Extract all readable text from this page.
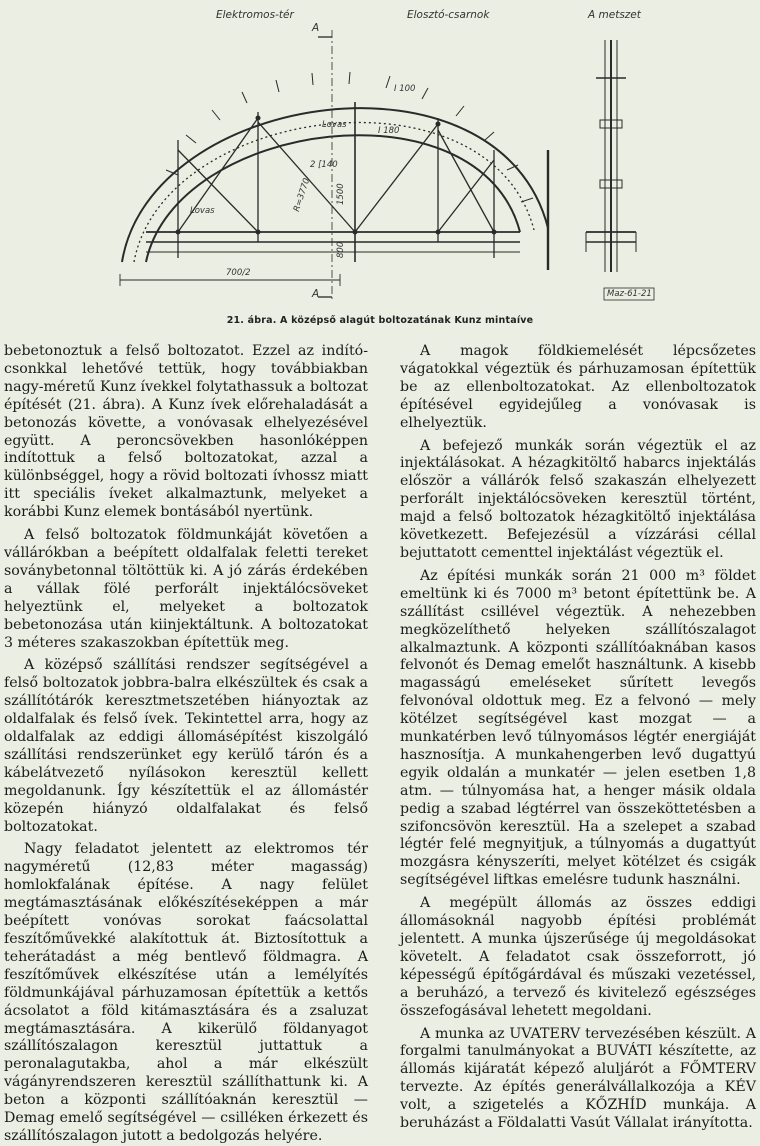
Elektromos-tér	Elosztó-csarnok	A metszet
A
A
I 100
I 180
Lovas
Lovas
2 [140
R=3770	1500
800
700/2
Maz-61-21
21. ábra. A középső alagút boltozatának Kunz mintaíve

bebetonoztuk a felső boltozatot. Ezzel az indító-csonkkal lehetővé tettük, hogy továbbiakban nagy-méretű Kunz ívekkel folytathassuk a boltozat építését (21. ábra). A Kunz ívek előrehaladását a betonozás követte, a vonóvasak elhelyezésével együtt. A peroncsövekben hasonlóképpen indítottuk a felső boltozatokat, azzal a különbséggel, hogy a rövid boltozati ívhossz miatt itt speciális íveket alkalmaztunk, melyeket a korábbi Kunz elemek bontásából nyertünk.

A felső boltozatok földmunkáját követően a vállárókban a beépített oldalfalak feletti tereket soványbetonnal töltöttük ki. A jó zárás érdekében a vállak fölé perforált injektálócsöveket helyeztünk el, melyeket a boltozatok bebetonozása után kiinjektáltunk. A boltozatokat 3 méteres szakaszokban építettük meg.

A középső szállítási rendszer segítségével a felső boltozatok jobbra-balra elkészültek és csak a szállítótárók keresztmetszetében hiányoztak az oldalfalak és felső ívek. Tekintettel arra, hogy az oldalfalak az eddigi állomásépítést kiszolgáló szállítási rendszerünket egy kerülő tárón és a kábelátvezető nyílásokon keresztül kellett megoldanunk. Így készítettük el az állomástér közepén hiányzó oldalfalakat és felső boltozatokat.

Nagy feladatot jelentett az elektromos tér nagyméretű (12,83 méter magasság) homlokfalának építése. A nagy felület megtámasztásának előkészítéseképpen a már beépített vonóvas sorokat faácsolattal feszítőművekké alakítottuk át. Biztosítottuk a teherátadást a még bentlevő földmagra. A feszítőművek elkészítése után a lemélyítés földmunkájával párhuzamosan építettük a kettős ácsolatot a föld kitámasztására és a zsaluzat megtámasztására. A kikerülő földanyagot szállítószalagon keresztül juttattuk a peronalagutakba, ahol a már elkészült vágányrendszeren keresztül szállíthattunk ki. A beton a központi szállítóaknán keresztül — Demag emelő segítségével — csilléken érkezett és szállítószalagon jutott a bedolgozás helyére.

A magok földkiemelését lépcsőzetes vágatokkal végeztük és párhuzamosan építettük be az ellenboltozatokat. Az ellenboltozatok építésével egyidejűleg a vonóvasak is elhelyeztük.

A befejező munkák során végeztük el az injektálásokat. A hézagkitöltő habarcs injektálás először a vállárók felső szakaszán elhelyezett perforált injektálócsöveken keresztül történt, majd a felső boltozatok hézagkitöltő injektálása következett. Befejezésül a vízzárási céllal bejuttatott cementtel injektálást végeztük el.

Az építési munkák során 21 000 m³ földet emeltünk ki és 7000 m³ betont építettünk be. A szállítást csillével végeztük. A nehezebben megközelíthető helyeken szállítószalagot alkalmaztunk. A központi szállítóaknában kasos felvonót és Demag emelőt használtunk. A kisebb magasságú emeléseket sűrített levegős felvonóval oldottuk meg. Ez a felvonó — mely kötélzet segítségével kast mozgat — a munkatérben levő túlnyomásos légtér energiáját hasznosítja. A munkahengerben levő dugattyú egyik oldalán a munkatér — jelen esetben 1,8 atm. — túlnyomása hat, a henger másik oldala pedig a szabad légtérrel van összeköttetésben a szifoncsövön keresztül. Ha a szelepet a szabad légtér felé megnyitjuk, a túlnyomás a dugattyút mozgásra kényszeríti, melyet kötélzet és csigák segítségével liftkas emelésre tudunk használni.

A megépült állomás az összes eddigi állomásoknál nagyobb építési problémát jelentett. A munka újszerűsége új megoldásokat követelt. A feladatot csak összeforrott, jó képességű építőgárdával és műszaki vezetéssel, a beruházó, a tervező és kivitelező egészséges összefogásával lehetett megoldani.

A munka az UVATERV tervezésében készült. A forgalmi tanulmányokat a BUVÁTI készítette, az állomás kijáratát képező aluljárót a FŐMTERV tervezte. Az építés generálvállalkozója a KÉV volt, a szigetelés a KŐZHÍD munkája. A beruházást a Földalatti Vasút Vállalat irányította.
